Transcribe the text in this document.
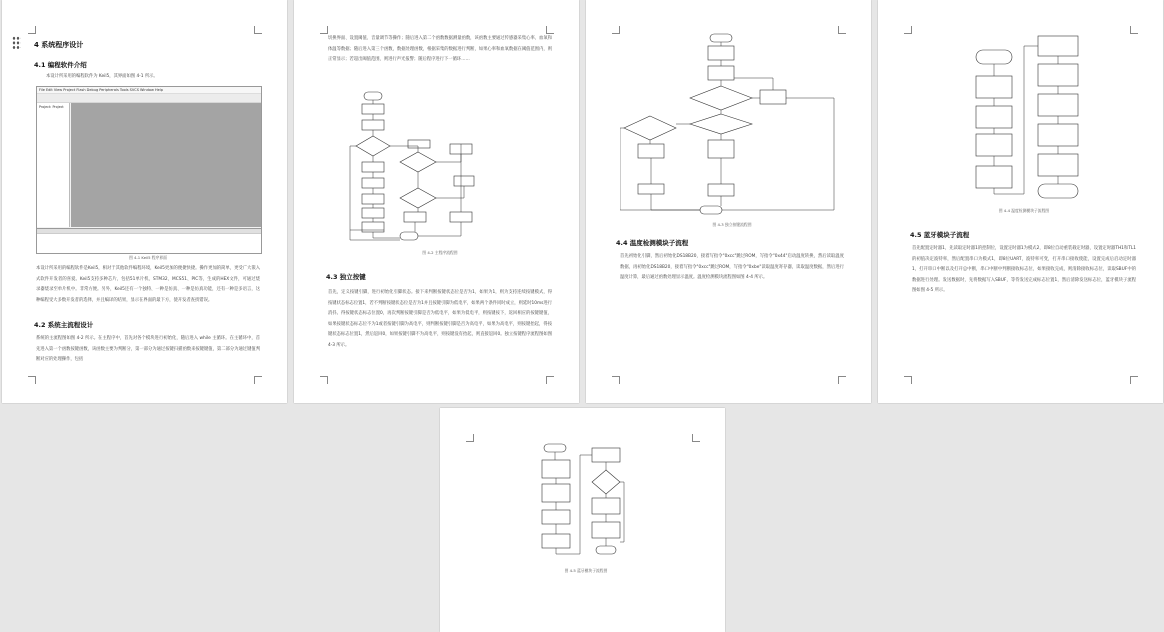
4 系统程序设计
4.1 编程软件介绍
本设计所采用的编程软件为 Keil5，其界面如图 4-1 所示。
File Edit View Project Flash Debug Peripherals Tools SVCS Window Help
Project: Project
图 4-1 Keil5 程序界面
本设计所采用的编程软件是Keil5，相对于其他软件编程环境，Keil5更加的便捷快捷。操作更加的简单，更受广大嵌入式软件开发者的喜爱。Keil5支持多种芯片，包括51单片机、STM32、MCS51、PIC等，生成的HEX文件，可通过烧录器烧录至单片机中。非常方便。另外，Keil5还有一个独特、一种是仿真、一种是仿真功能，还有一种是多语言，这种编程受大多数开发者的选择，并且编译的结果，显示在界面的最下方，使开发者查找错误。
4.2 系统主流程设计
系统的主流程图如图 4-2 所示。在主程序中，首先对各个模块进行初始化，随后进入 while 主循环。在主循环中，首先进入第一个函数按键函数，该函数主要为判断分，第一部分为通过按键扫描函数来按键键值，第二部分为通过键值判断对应的处理操作，包括
切换界面、设置阈值、音量调节等操作；随后进入第二个函数数据测量函数，该函数主要通过传感器采集心率、血氧和体温等数据；随后进入第三个函数，数据处理函数，根据采集的数据进行判断，如果心率和血氧数据在阈值范围内，则正常显示；若超出阈值范围，则进行声光报警；随后程序进行下一循环……
图 4-2 主程序流程图
4.3 独立按键
首先，定义按键引脚，进行初始化引脚状态。接下来判断按键状态位是否为1，如果为1，则为支持连续按键模式，得按键状态标志位置1，若不判断按键状态位是否为1并且按键引脚为低电平，如果两个条件同时成立，则延时10ms进行消抖。得按键状态标志位置0，再次判断按键引脚是否为低电平，如果为低电平，则按键按下，返回相应的按键键值，如果按键状态标志位不为1或者按键引脚为高电平，则判断按键引脚是否为高电平，如果为高电平，则按键抬起，得按键状态标志位置1，然后返回0，如果按键引脚不为高电平，则按键没有抬起，则直接返回0。独立按键程序流程图如图 4-3 所示。
图 4-3 独立按键流程图
4.4 温度检测模块子流程
首先初始化引脚，然后初始化DS18B20，接着写指令"0xcc"跳过ROM，写指令"0x44"启动温度转换，然后读取温度数据，再初始化DS18B20，接着写指令"0xcc"跳过ROM，写指令"0xbe"读取温度寄存器，读取温度数据，然后进行温度计算，最后通过函数处理显示温度。温度检测模块流程图如图 4-4 所示。
图 4-4 温度检测模块子流程图
4.5 蓝牙模块子流程
首先配置定时器1，先读取定时器1的控制位，设置定时器1为模式2，即8位自动重装载定时器，设置定时器TH1和TL1的初值决定波特率，然后配置串口为模式1，即8位UART，波特率可变，打开串口接收使能，设置完成后启动定时器1，打开串口中断以及打开总中断，串口中断中判断接收标志位，如果接收完成，则清除接收标志位，读取SBUF中的数据进行处理。发送数据时，先将数据写入SBUF，等待发送完成标志位置1，然后清除发送标志位，蓝牙模块子流程图如图 4-5 所示。
图 4-5 蓝牙模块子流程图
